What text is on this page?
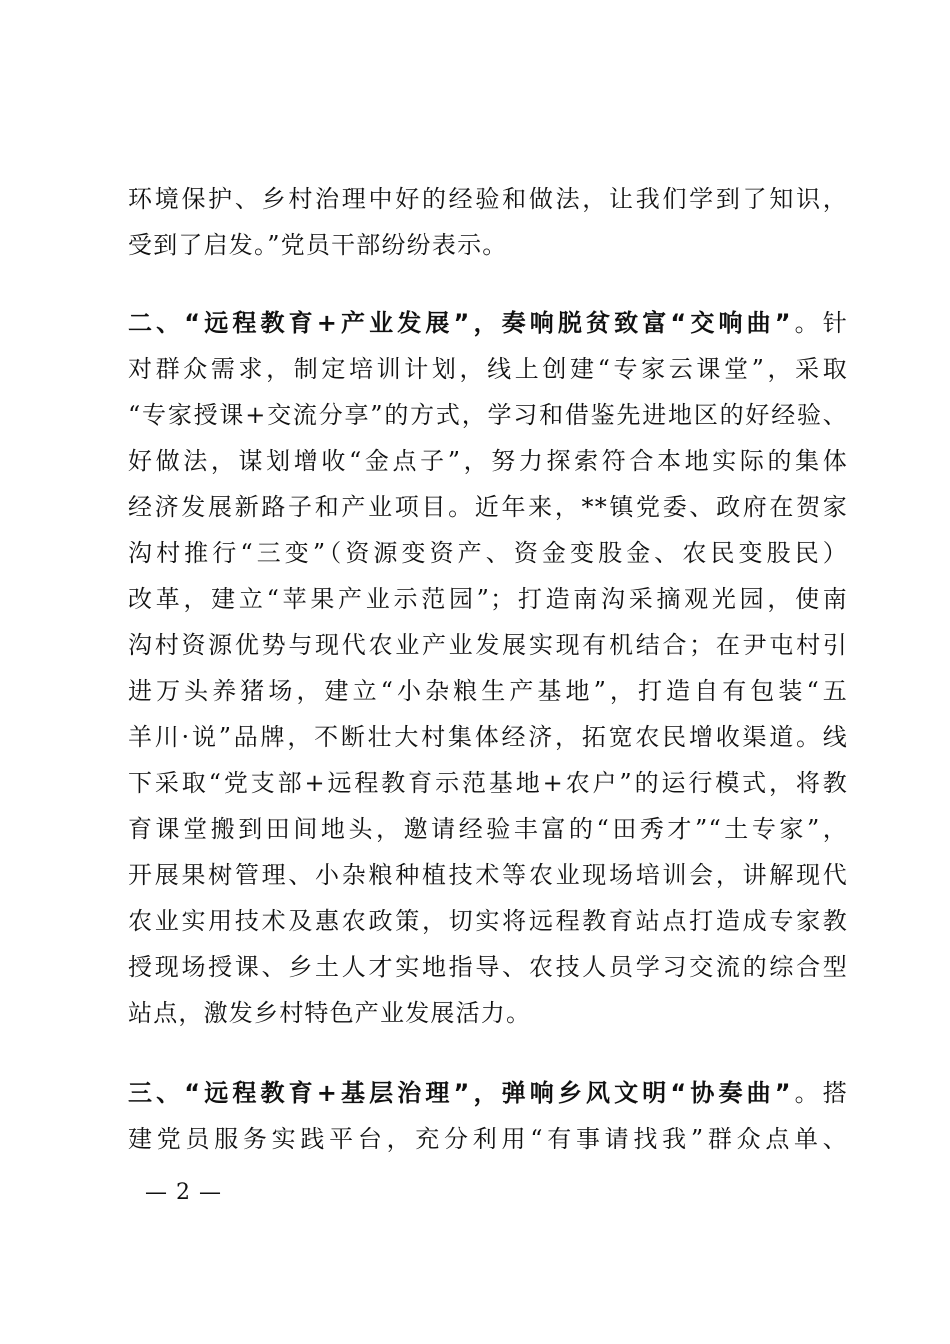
环境保护、乡村治理中好的经验和做法，让我们学到了知识，
受到了启发。”党员干部纷纷表示。
二、“远程教育+产业发展”，奏响脱贫致富“交响曲”。针
对群众需求，制定培训计划，线上创建“专家云课堂”，采取
“专家授课+交流分享”的方式，学习和借鉴先进地区的好经验、
好做法，谋划增收“金点子”，努力探索符合本地实际的集体
经济发展新路子和产业项目。近年来，**镇党委、政府在贺家
沟村推行“三变”（资源变资产、资金变股金、农民变股民）
改革，建立“苹果产业示范园”；打造南沟采摘观光园，使南
沟村资源优势与现代农业产业发展实现有机结合；在尹屯村引
进万头养猪场，建立“小杂粮生产基地”，打造自有包装“五
羊川·说”品牌，不断壮大村集体经济，拓宽农民增收渠道。线
下采取“党支部+远程教育示范基地+农户”的运行模式，将教
育课堂搬到田间地头，邀请经验丰富的“田秀才”“土专家”，
开展果树管理、小杂粮种植技术等农业现场培训会，讲解现代
农业实用技术及惠农政策，切实将远程教育站点打造成专家教
授现场授课、乡土人才实地指导、农技人员学习交流的综合型
站点，激发乡村特色产业发展活力。
三、“远程教育+基层治理”，弹响乡风文明“协奏曲”。搭
建党员服务实践平台，充分利用“有事请找我”群众点单、
— 2 —
